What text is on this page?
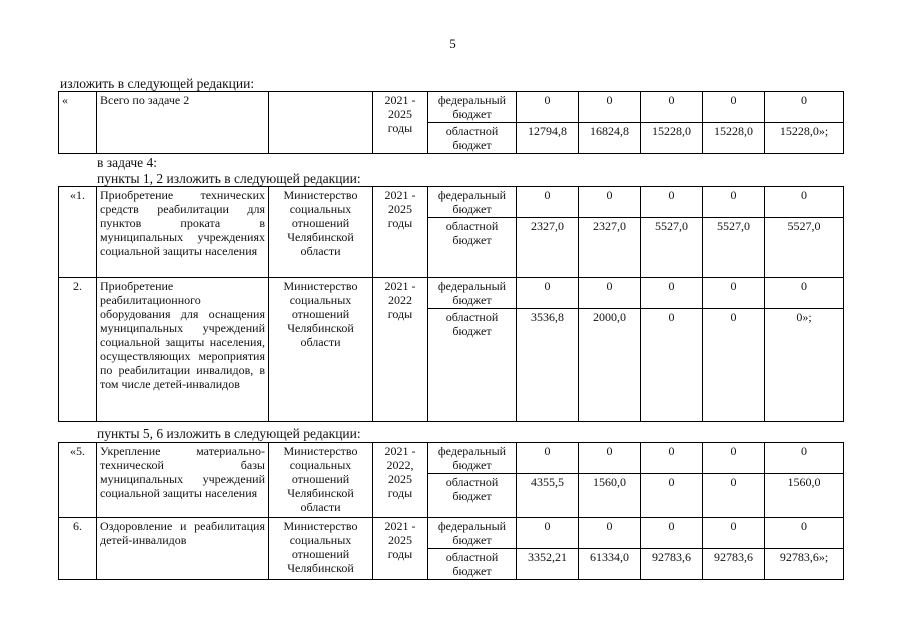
5
изложить в следующей редакции:
«	Всего по задаче 2		2021 - 2025 годы	федеральный бюджет	0	0	0	0	0
				областной бюджет	12794,8	16824,8	15228,0	15228,0	15228,0»;
в задаче 4:
пункты 1, 2 изложить в следующей редакции:
«1.	Приобретение технических средств реабилитации для пунктов проката в муниципальных учреждениях социальной защиты населения	Министерство социальных отношений Челябинской области	2021 - 2025 годы	федеральный бюджет	0	0	0	0	0
				областной бюджет	2327,0	2327,0	5527,0	5527,0	5527,0
2.	Приобретение реабилитационного оборудования для оснащения муниципальных учреждений социальной защиты населения, осуществляющих мероприятия по реабилитации инвалидов, в том числе детей-инвалидов	Министерство социальных отношений Челябинской области	2021 - 2022 годы	федеральный бюджет	0	0	0	0	0
				областной бюджет	3536,8	2000,0	0	0	0»;
пункты 5, 6 изложить в следующей редакции:
«5.	Укрепление материально-технической базы муниципальных учреждений социальной защиты населения	Министерство социальных отношений Челябинской области	2021 - 2022, 2025 годы	федеральный бюджет	0	0	0	0	0
				областной бюджет	4355,5	1560,0	0	0	1560,0
6.	Оздоровление и реабилитация детей-инвалидов	Министерство социальных отношений Челябинской	2021 - 2025 годы	федеральный бюджет	0	0	0	0	0
				областной бюджет	3352,21	61334,0	92783,6	92783,6	92783,6»;
